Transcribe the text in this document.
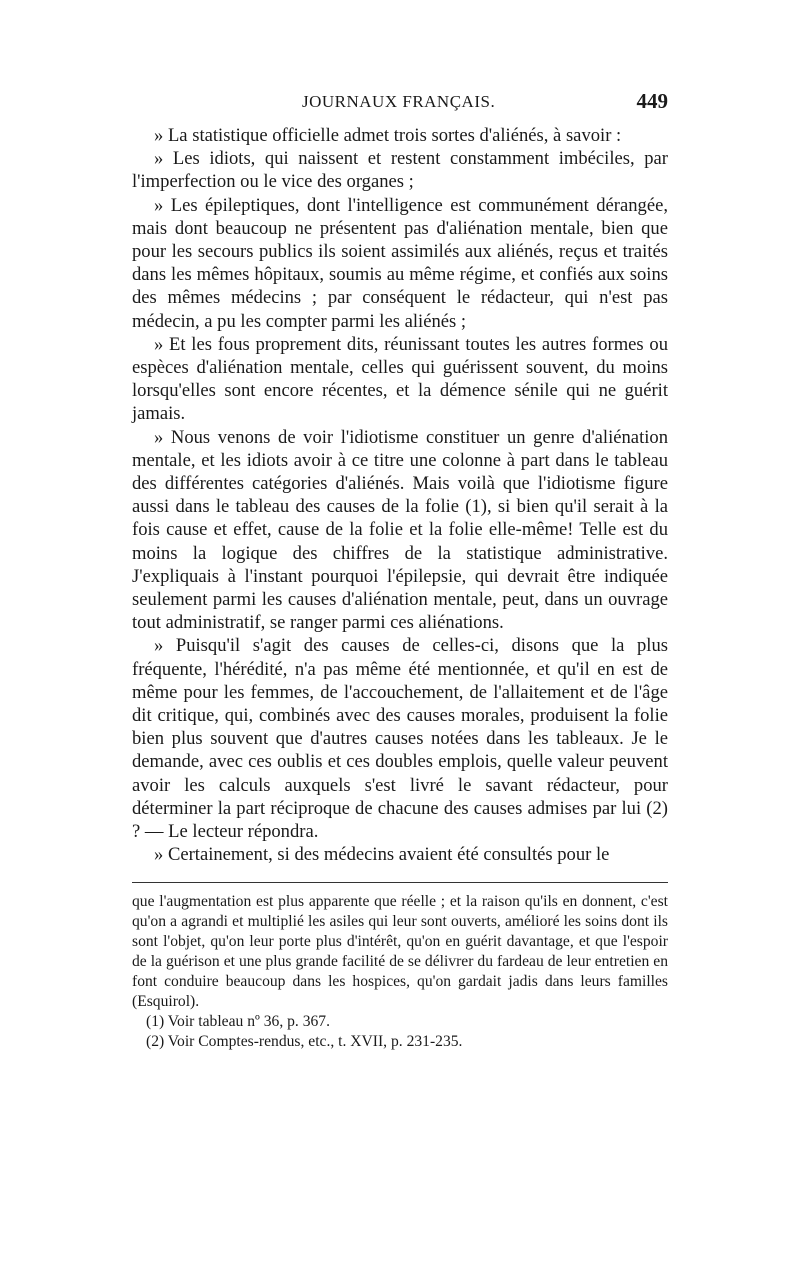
JOURNAUX FRANÇAIS.	449

» La statistique officielle admet trois sortes d'aliénés, à savoir :

» Les idiots, qui naissent et restent constamment imbéciles, par l'imperfection ou le vice des organes ;

» Les épileptiques, dont l'intelligence est communément dérangée, mais dont beaucoup ne présentent pas d'aliénation mentale, bien que pour les secours publics ils soient assimilés aux aliénés, reçus et traités dans les mêmes hôpitaux, soumis au même régime, et confiés aux soins des mêmes médecins ; par conséquent le rédacteur, qui n'est pas médecin, a pu les compter parmi les aliénés ;

» Et les fous proprement dits, réunissant toutes les autres formes ou espèces d'aliénation mentale, celles qui guérissent souvent, du moins lorsqu'elles sont encore récentes, et la démence sénile qui ne guérit jamais.

» Nous venons de voir l'idiotisme constituer un genre d'aliénation mentale, et les idiots avoir à ce titre une colonne à part dans le tableau des différentes catégories d'aliénés. Mais voilà que l'idiotisme figure aussi dans le tableau des causes de la folie (1), si bien qu'il serait à la fois cause et effet, cause de la folie et la folie elle-même! Telle est du moins la logique des chiffres de la statistique administrative. J'expliquais à l'instant pourquoi l'épilepsie, qui devrait être indiquée seulement parmi les causes d'aliénation mentale, peut, dans un ouvrage tout administratif, se ranger parmi ces aliénations.

» Puisqu'il s'agit des causes de celles-ci, disons que la plus fréquente, l'hérédité, n'a pas même été mentionnée, et qu'il en est de même pour les femmes, de l'accouchement, de l'allaitement et de l'âge dit critique, qui, combinés avec des causes morales, produisent la folie bien plus souvent que d'autres causes notées dans les tableaux. Je le demande, avec ces oublis et ces doubles emplois, quelle valeur peuvent avoir les calculs auxquels s'est livré le savant rédacteur, pour déterminer la part réciproque de chacune des causes admises par lui (2) ? — Le lecteur répondra.

» Certainement, si des médecins avaient été consultés pour le

que l'augmentation est plus apparente que réelle ; et la raison qu'ils en donnent, c'est qu'on a agrandi et multiplié les asiles qui leur sont ouverts, amélioré les soins dont ils sont l'objet, qu'on leur porte plus d'intérêt, qu'on en guérit davantage, et que l'espoir de la guérison et une plus grande facilité de se délivrer du fardeau de leur entretien en font conduire beaucoup dans les hospices, qu'on gardait jadis dans leurs familles (Esquirol).

(1) Voir tableau nº 36, p. 367.

(2) Voir Comptes-rendus, etc., t. XVII, p. 231-235.
